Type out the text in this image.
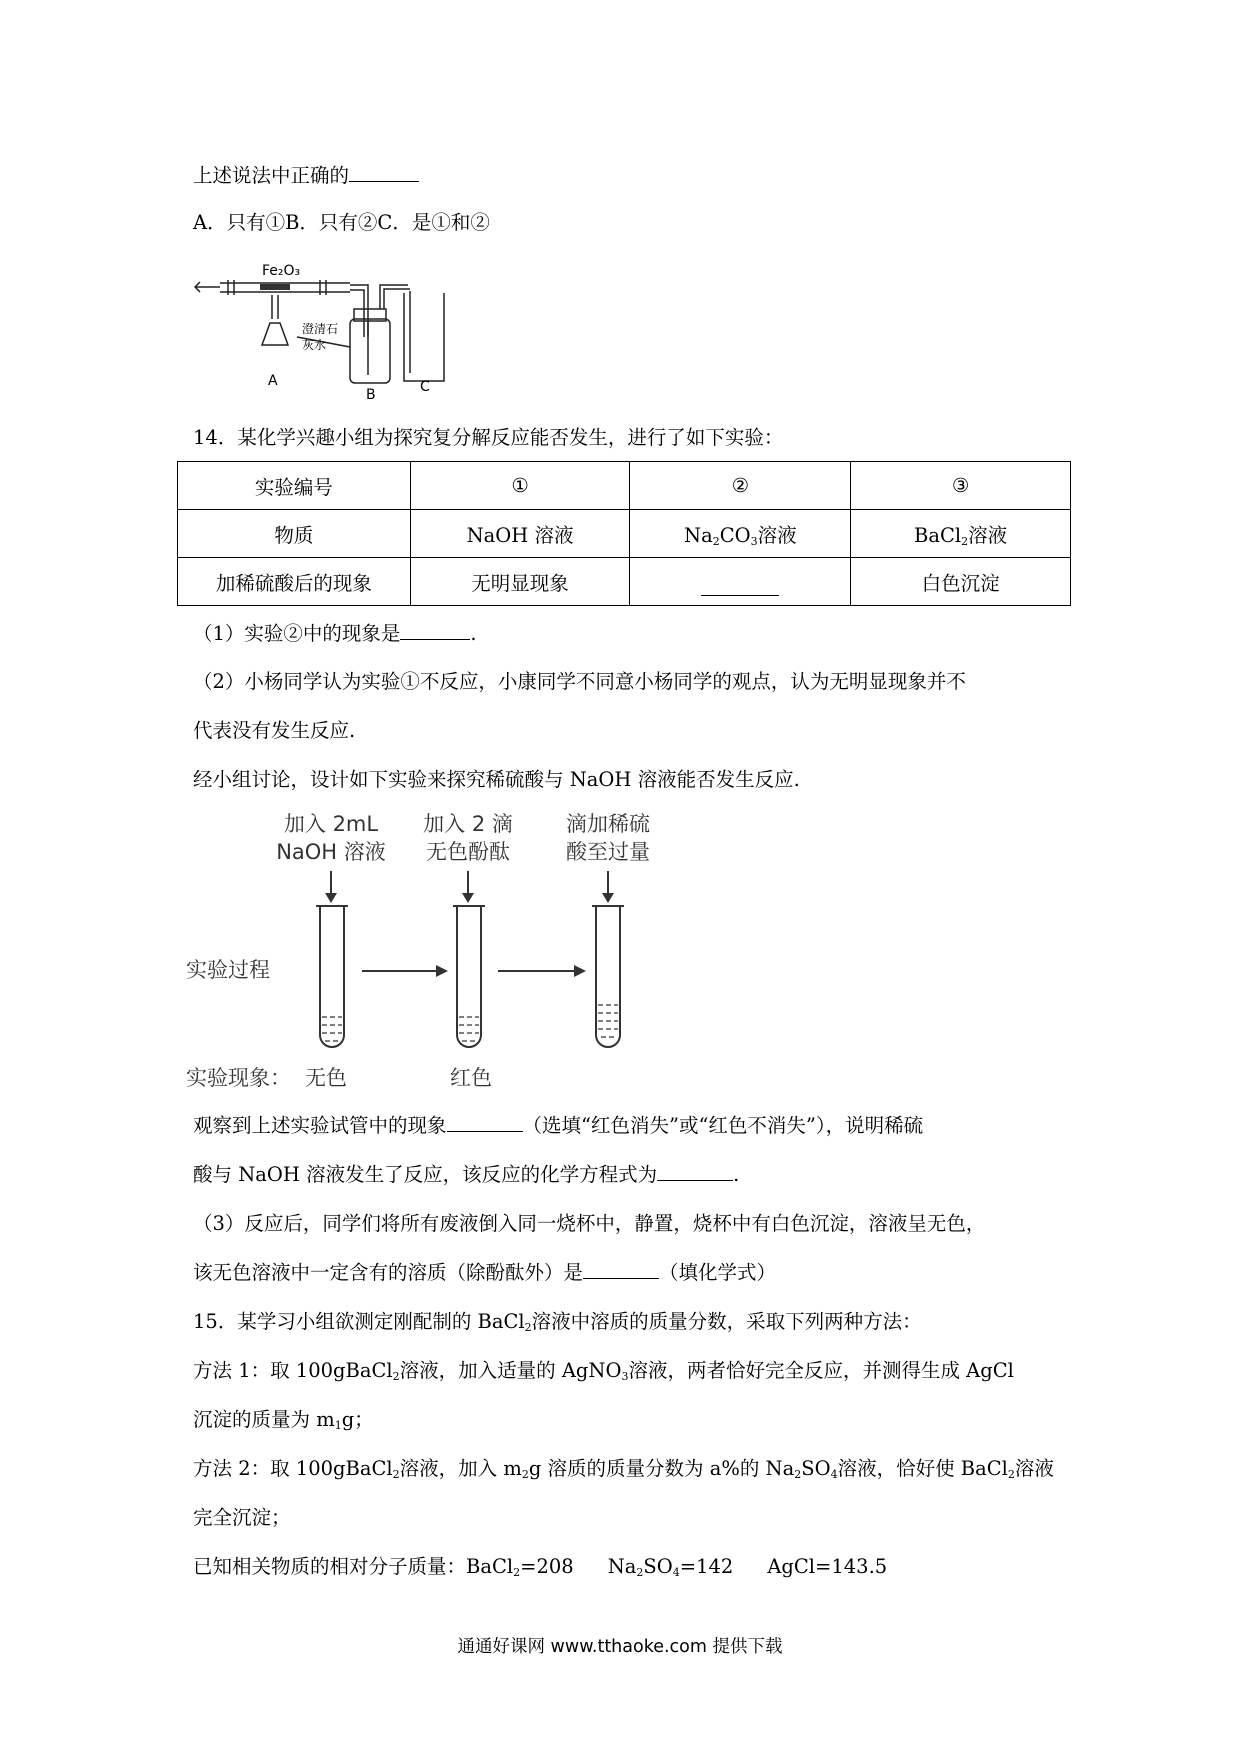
上述说法中正确的
A．只有①B．只有②C．是①和②
Fe₂O₃
澄清石
灰水
A
B	C
14．某化学兴趣小组为探究复分解反应能否发生，进行了如下实验：
实验编号	①	②	③
物质	NaOH 溶液	$Na_2CO_3$溶液	BaCl$_2$溶液
加稀硫酸后的现象	无明显现象		白色沉淀
（1）实验②中的现象是	.
（2）小杨同学认为实验①不反应，小康同学不同意小杨同学的观点，认为无明显现象并不
代表没有发生反应.
经小组讨论，设计如下实验来探究稀硫酸与 NaOH 溶液能否发生反应.
加入 2mL
NaOH 溶液
加入 2 滴
无色酚酞
滴加稀硫
酸至过量
实验过程
实验现象： 无色	红色
观察到上述实验试管中的现象	（选填“红色消失”或“红色不消失”），说明稀硫
酸与 NaOH 溶液发生了反应，该反应的化学方程式为	.
（3）反应后，同学们将所有废液倒入同一烧杯中，静置，烧杯中有白色沉淀，溶液呈无色，
该无色溶液中一定含有的溶质（除酚酞外）是	（填化学式）
15．某学习小组欲测定刚配制的 BaCl$_2$溶液中溶质的质量分数，采取下列两种方法：
方法 1：取 100gBaCl$_2$溶液，加入适量的 AgNO$_3$溶液，两者恰好完全反应，并测得生成 AgCl
沉淀的质量为 $m_1g$；
方法 2：取 100gBaCl$_2$溶液，加入 $m_2g$ 溶质的质量分数为 a%的 $Na_2SO_4$溶液，恰好使 BaCl$_2$溶液
完全沉淀；
已知相关物质的相对分子质量：BaCl$_2$=208 $Na_2SO_4=142$ AgCl=143.5
通通好课网 www.tthaoke.com 提供下载
